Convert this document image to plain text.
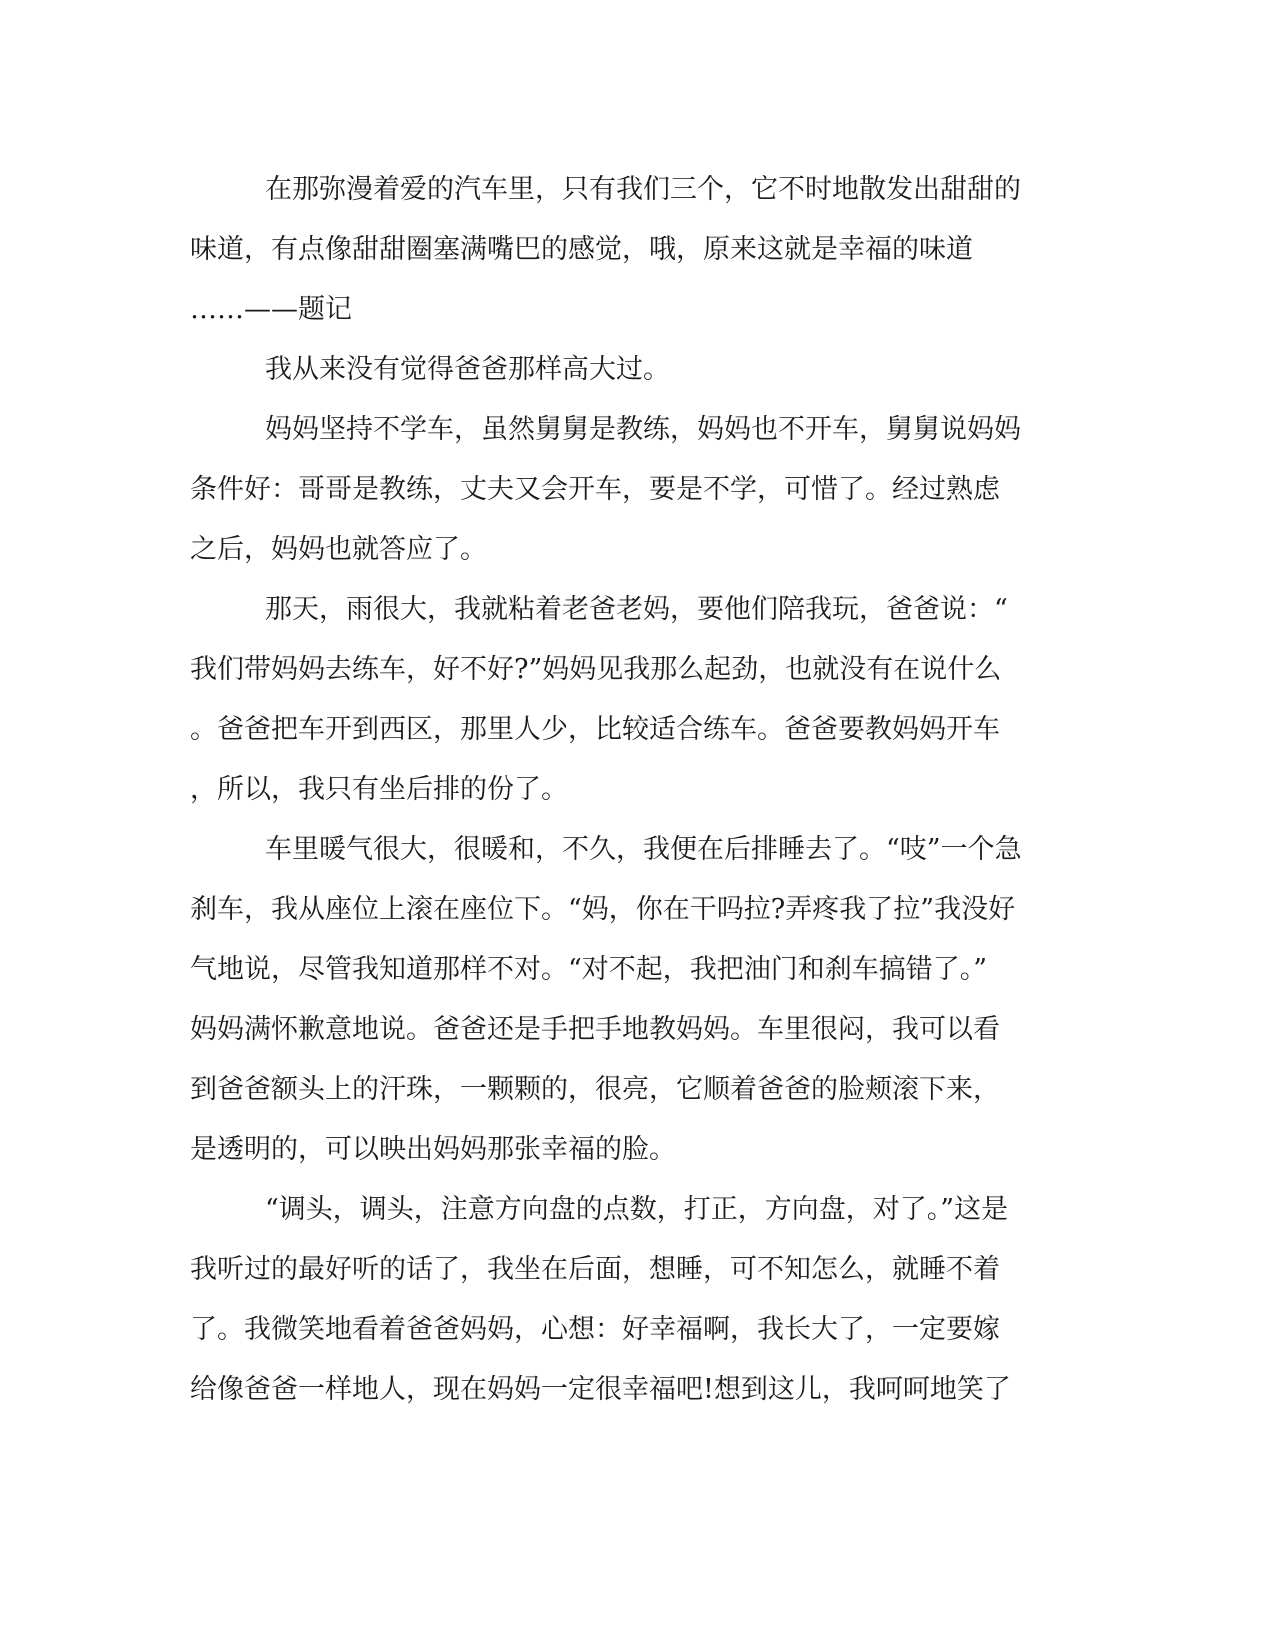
在那弥漫着爱的汽车里，只有我们三个，它不时地散发出甜甜的
味道，有点像甜甜圈塞满嘴巴的感觉，哦，原来这就是幸福的味道
……——题记
我从来没有觉得爸爸那样高大过。
妈妈坚持不学车，虽然舅舅是教练，妈妈也不开车，舅舅说妈妈
条件好：哥哥是教练，丈夫又会开车，要是不学，可惜了。经过熟虑
之后，妈妈也就答应了。
那天，雨很大，我就粘着老爸老妈，要他们陪我玩，爸爸说：“
我们带妈妈去练车，好不好?”妈妈见我那么起劲，也就没有在说什么
。爸爸把车开到西区，那里人少，比较适合练车。爸爸要教妈妈开车
，所以，我只有坐后排的份了。
车里暖气很大，很暖和，不久，我便在后排睡去了。“吱”一个急
刹车，我从座位上滚在座位下。“妈，你在干吗拉?弄疼我了拉”我没好
气地说，尽管我知道那样不对。“对不起，我把油门和刹车搞错了。”
妈妈满怀歉意地说。爸爸还是手把手地教妈妈。车里很闷，我可以看
到爸爸额头上的汗珠，一颗颗的，很亮，它顺着爸爸的脸颊滚下来，
是透明的，可以映出妈妈那张幸福的脸。
“调头，调头，注意方向盘的点数，打正，方向盘，对了。”这是
我听过的最好听的话了，我坐在后面，想睡，可不知怎么，就睡不着
了。我微笑地看着爸爸妈妈，心想：好幸福啊，我长大了，一定要嫁
给像爸爸一样地人，现在妈妈一定很幸福吧!想到这儿，我呵呵地笑了
